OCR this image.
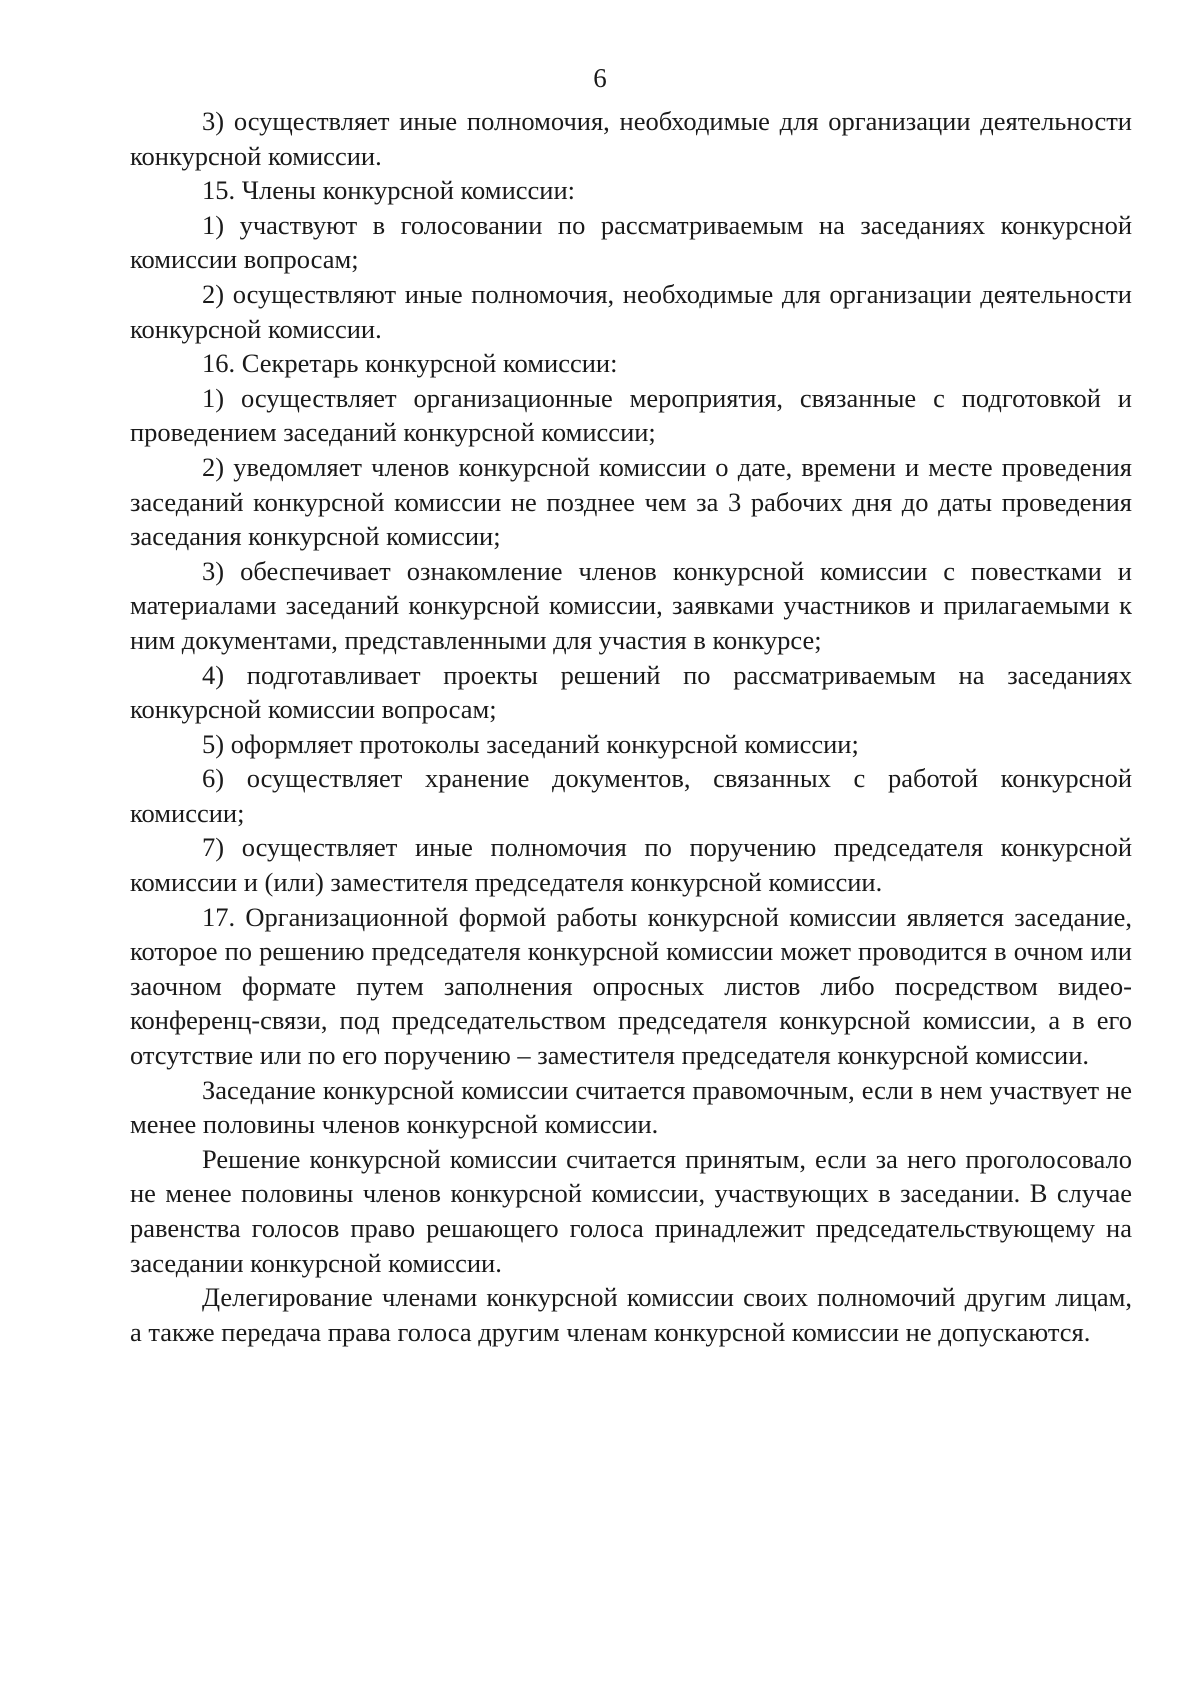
6

3) осуществляет иные полномочия, необходимые для организации деятельности конкурсной комиссии.

15. Члены конкурсной комиссии:

1) участвуют в голосовании по рассматриваемым на заседаниях конкурсной комиссии вопросам;

2) осуществляют иные полномочия, необходимые для организации деятельности конкурсной комиссии.

16. Секретарь конкурсной комиссии:

1) осуществляет организационные мероприятия, связанные с подготовкой и проведением заседаний конкурсной комиссии;

2) уведомляет членов конкурсной комиссии о дате, времени и месте проведения заседаний конкурсной комиссии не позднее чем за 3 рабочих дня до даты проведения заседания конкурсной комиссии;

3) обеспечивает ознакомление членов конкурсной комиссии с повестками и материалами заседаний конкурсной комиссии, заявками участников и прилагаемыми к ним документами, представленными для участия в конкурсе;

4) подготавливает проекты решений по рассматриваемым на заседаниях конкурсной комиссии вопросам;

5) оформляет протоколы заседаний конкурсной комиссии;

6) осуществляет хранение документов, связанных с работой конкурсной комиссии;

7) осуществляет иные полномочия по поручению председателя конкурсной комиссии и (или) заместителя председателя конкурсной комиссии.

17. Организационной формой работы конкурсной комиссии является заседание, которое по решению председателя конкурсной комиссии может проводится в очном или заочном формате путем заполнения опросных листов либо посредством видео-конференц-связи, под председательством председателя конкурсной комиссии, а в его отсутствие или по его поручению – заместителя председателя конкурсной комиссии.

Заседание конкурсной комиссии считается правомочным, если в нем участвует не менее половины членов конкурсной комиссии.

Решение конкурсной комиссии считается принятым, если за него проголосовало не менее половины членов конкурсной комиссии, участвующих в заседании. В случае равенства голосов право решающего голоса принадлежит председательствующему на заседании конкурсной комиссии.

Делегирование членами конкурсной комиссии своих полномочий другим лицам, а также передача права голоса другим членам конкурсной комиссии не допускаются.
